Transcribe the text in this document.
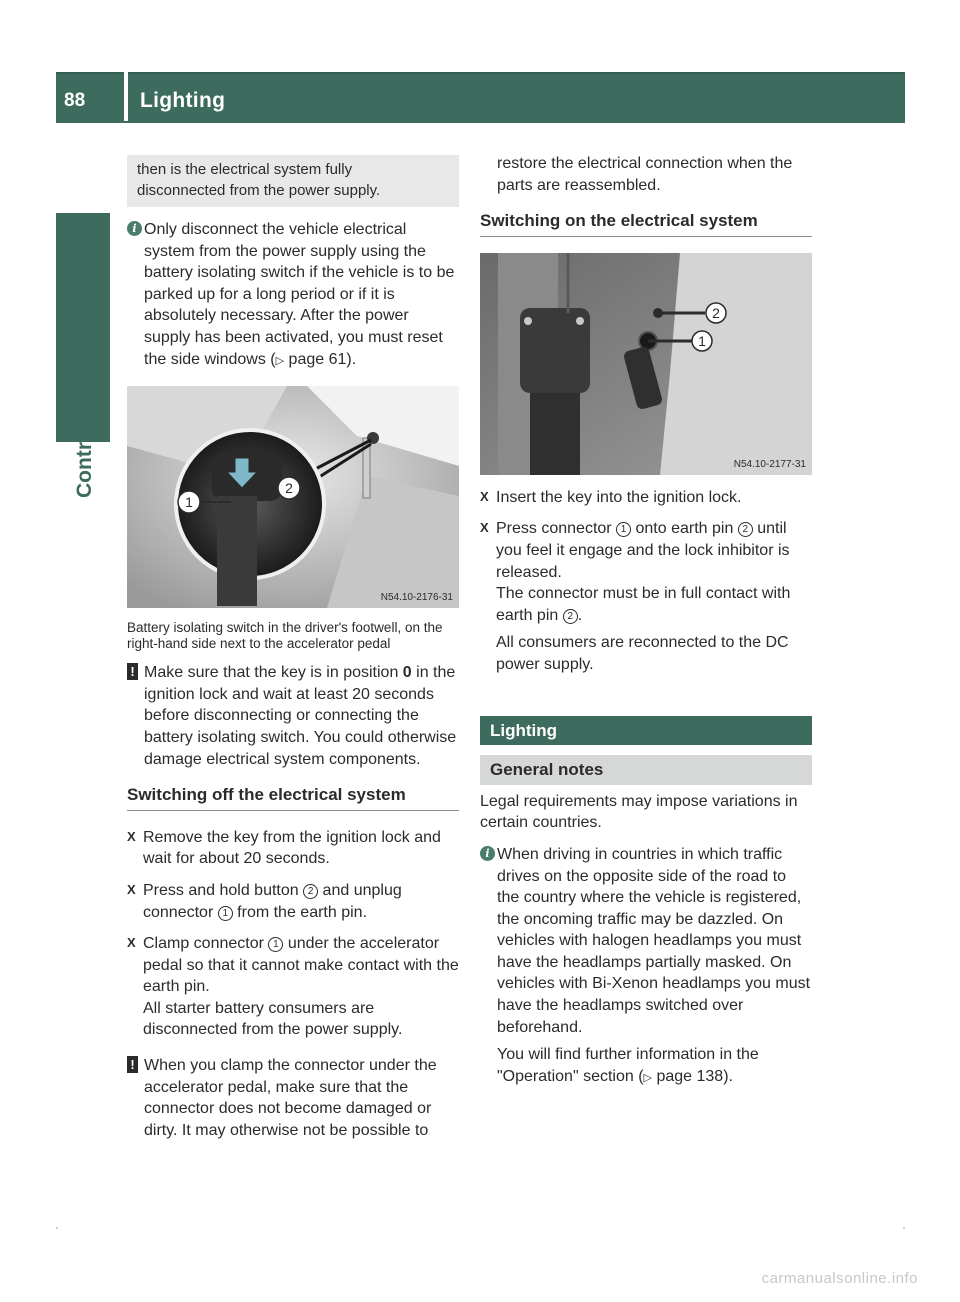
88	Lighting
Controls
then is the electrical system fully
disconnected from the power supply.
i Only disconnect the vehicle electrical system from the power supply using the battery isolating switch if the vehicle is to be parked up for a long period or if it is absolutely necessary. After the power supply has been activated, you must reset the side windows (▷ page 61).
1
2
N54.10-2176-31
Battery isolating switch in the driver's footwell, on the right-hand side next to the accelerator pedal
! Make sure that the key is in position 0 in the ignition lock and wait at least 20 seconds before disconnecting or connecting the battery isolating switch. You could otherwise damage electrical system components.
Switching off the electrical system
X Remove the key from the ignition lock and wait for about 20 seconds.
X Press and hold button 2 and unplug connector 1 from the earth pin.
X Clamp connector 1 under the accelerator pedal so that it cannot make contact with the earth pin.
All starter battery consumers are disconnected from the power supply.
! When you clamp the connector under the accelerator pedal, make sure that the connector does not become damaged or dirty. It may otherwise not be possible to
restore the electrical connection when the parts are reassembled.
Switching on the electrical system
2
1
N54.10-2177-31
X Insert the key into the ignition lock.
X Press connector 1 onto earth pin 2 until you feel it engage and the lock inhibitor is released.
The connector must be in full contact with earth pin 2 .
All consumers are reconnected to the DC power supply.
Lighting
General notes
Legal requirements may impose variations in certain countries.
i When driving in countries in which traffic drives on the opposite side of the road to the country where the vehicle is registered, the oncoming traffic may be dazzled. On vehicles with halogen headlamps you must have the headlamps partially masked. On vehicles with Bi-Xenon headlamps you must have the headlamps switched over beforehand.
You will find further information in the "Operation" section (▷ page 138).
carmanualsonline.info
